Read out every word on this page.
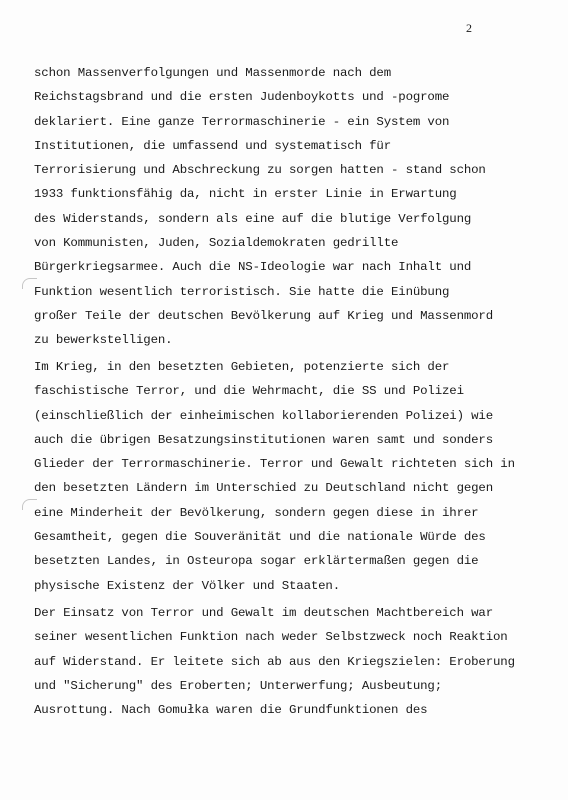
2
schon Massenverfolgungen und Massenmorde nach dem
Reichstagsbrand und die ersten Judenboykotts und -pogrome
deklariert. Eine ganze Terrormaschinerie - ein System von
Institutionen, die umfassend und systematisch für
Terrorisierung und Abschreckung zu sorgen hatten - stand schon
1933 funktionsfähig da, nicht in erster Linie in Erwartung
des Widerstands, sondern als eine auf die blutige Verfolgung
von Kommunisten, Juden, Sozialdemokraten gedrillte
Bürgerkriegsarmee. Auch die NS-Ideologie war nach Inhalt und
Funktion wesentlich terroristisch. Sie hatte die Einübung
großer Teile der deutschen Bevölkerung auf Krieg und Massenmord
zu bewerkstelligen.
Im Krieg, in den besetzten Gebieten, potenzierte sich der
faschistische Terror, und die Wehrmacht, die SS und Polizei
(einschließlich der einheimischen kollaborierenden Polizei) wie
auch die übrigen Besatzungsinstitutionen waren samt und sonders
Glieder der Terrormaschinerie. Terror und Gewalt richteten sich in
den besetzten Ländern im Unterschied zu Deutschland nicht gegen
eine Minderheit der Bevölkerung, sondern gegen diese in ihrer
Gesamtheit, gegen die Souveränität und die nationale Würde des
besetzten Landes, in Osteuropa sogar erklärtermaßen gegen die
physische Existenz der Völker und Staaten.
Der Einsatz von Terror und Gewalt im deutschen Machtbereich war
seiner wesentlichen Funktion nach weder Selbstzweck noch Reaktion
auf Widerstand. Er leitete sich ab aus den Kriegszielen: Eroberung
und "Sicherung" des Eroberten; Unterwerfung; Ausbeutung;
Ausrottung. Nach Gomułka waren die Grundfunktionen des
